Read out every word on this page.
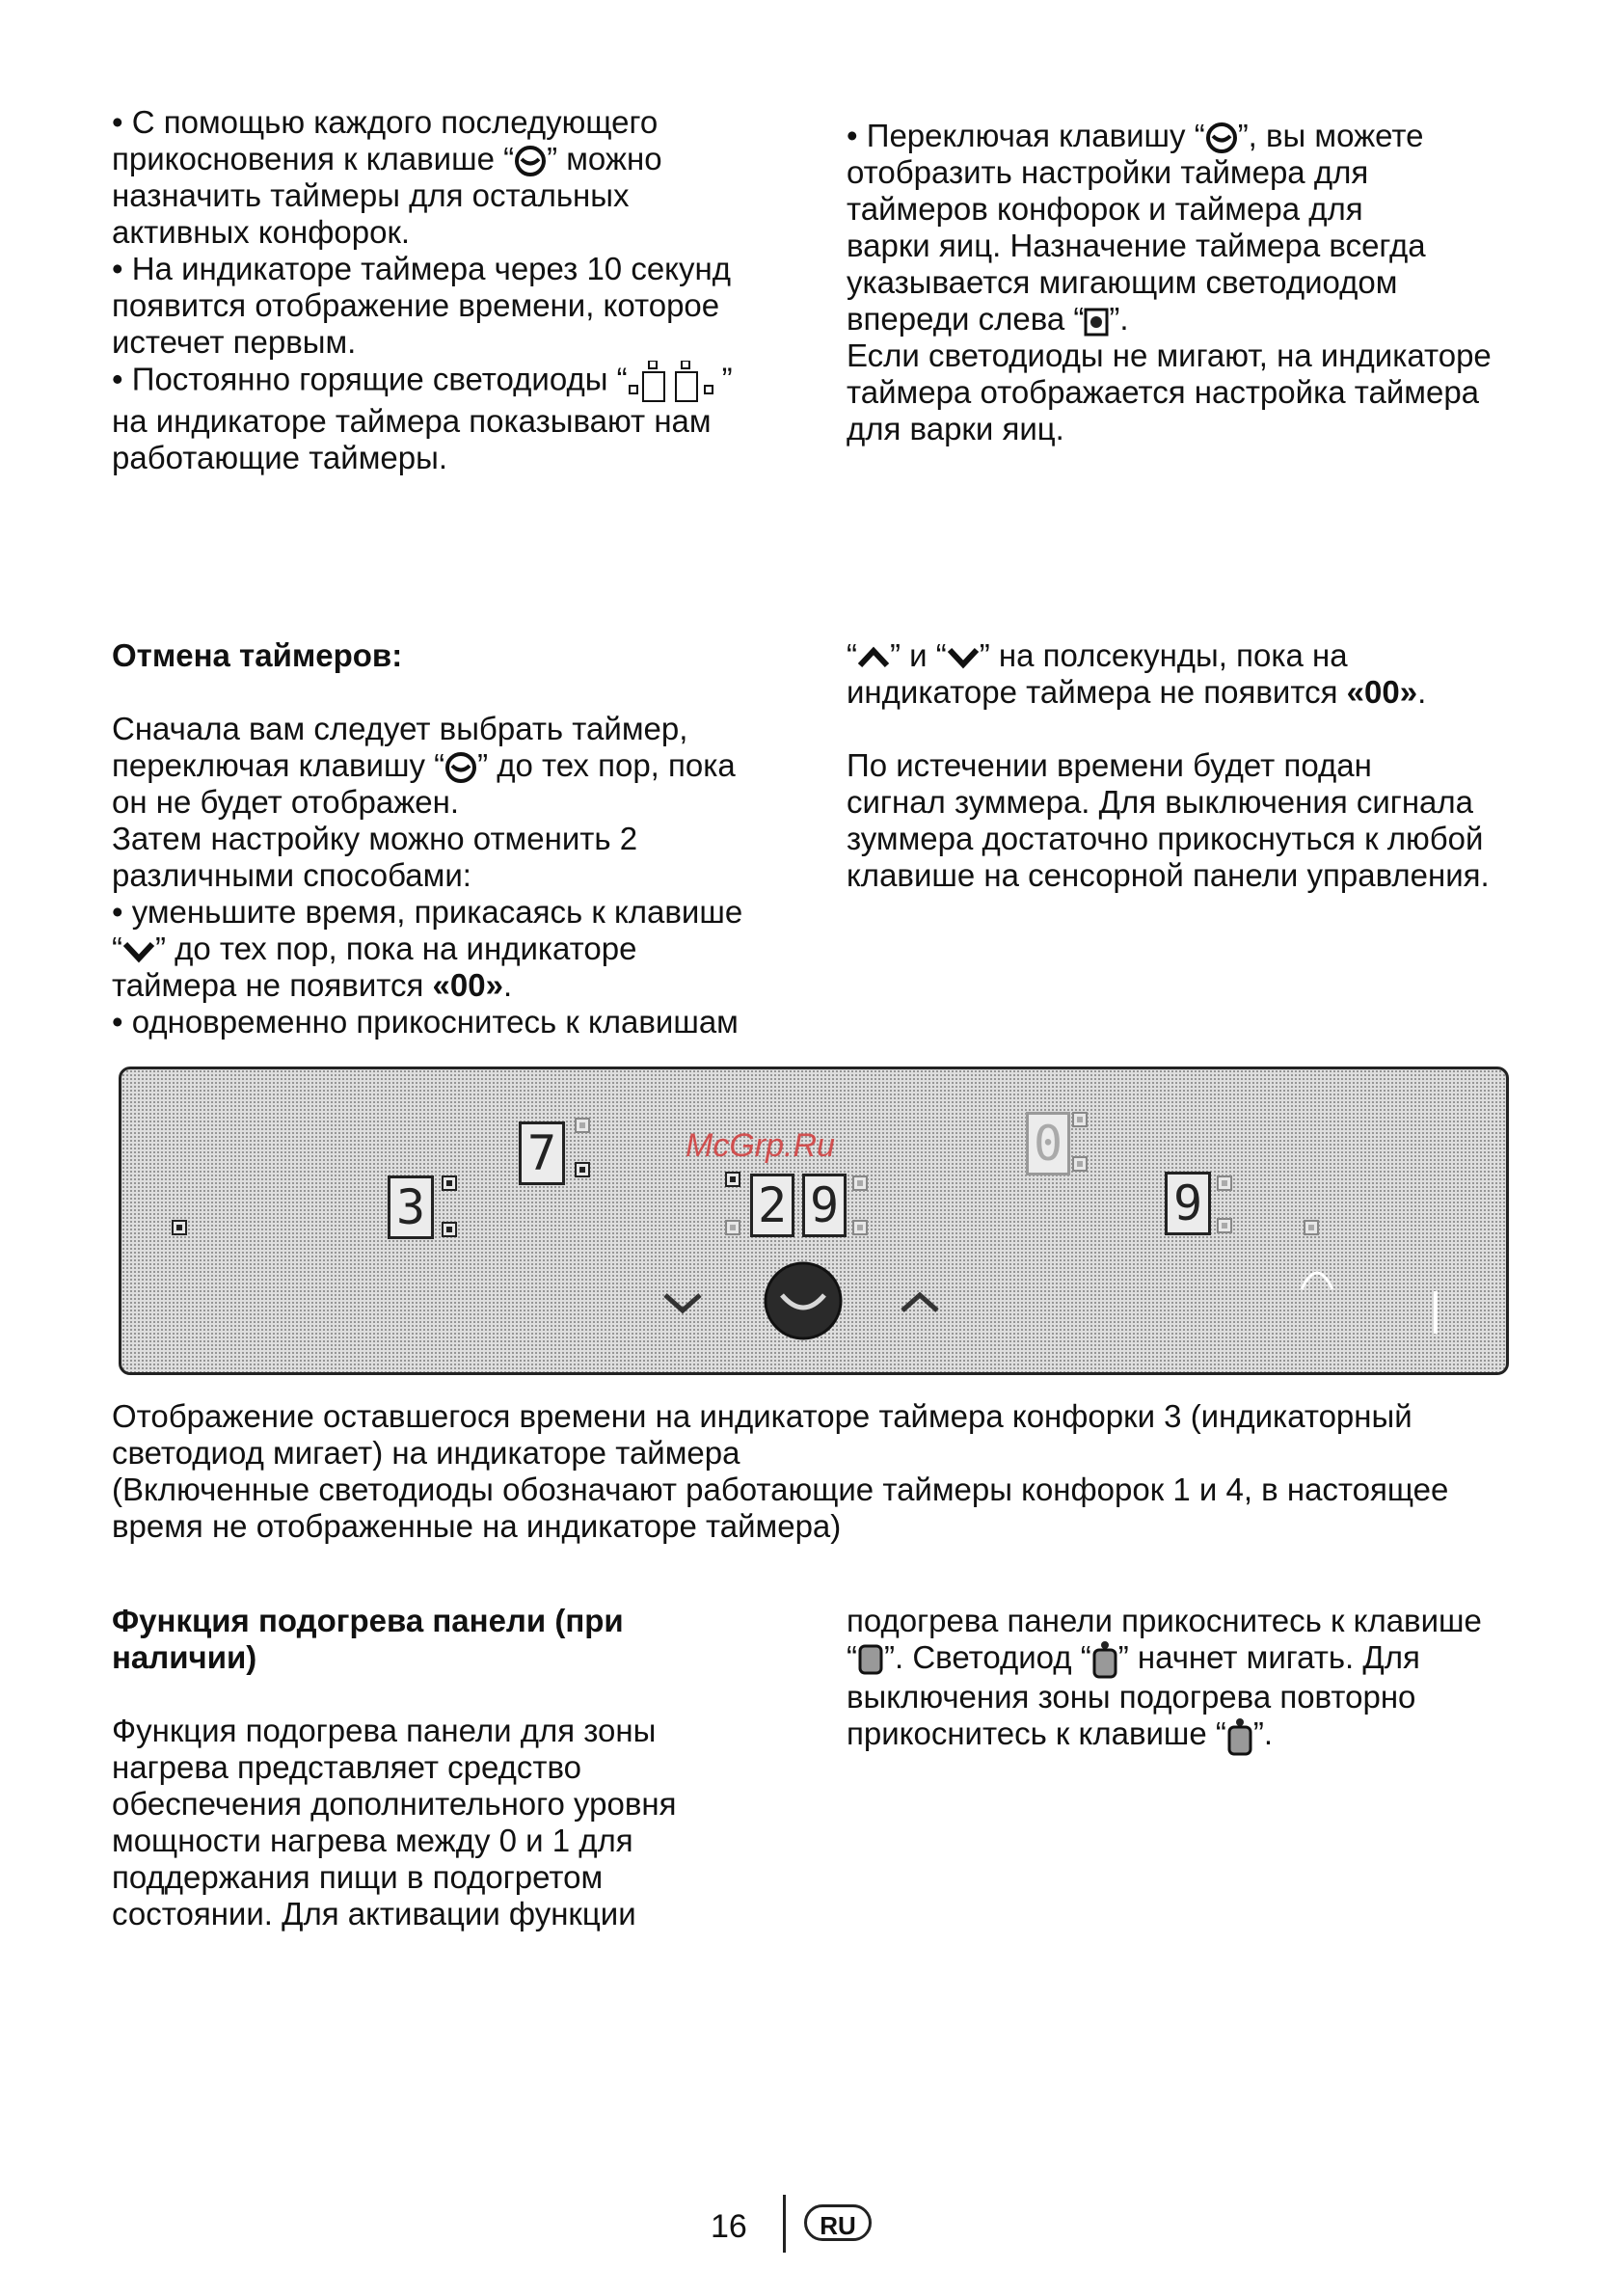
• С помощью каждого последующего
прикосновения к клавише “ ” можно
назначить таймеры для остальных
активных конфорок.

• На индикаторе таймера через 10 секунд
появится отображение времени, которое
истечет первым.

• Постоянно горящие светодиоды “	”
на индикаторе таймера показывают нам
работающие таймеры.

• Переключая клавишу “ ”, вы можете
отобразить настройки таймера для
таймеров конфорок и таймера для
варки яиц. Назначение таймера всегда
указывается мигающим светодиодом
впереди слева “ ”.

Если светодиоды не мигают, на индикаторе
таймера отображается настройка таймера
для варки яиц.

Отмена таймеров:

Сначала вам следует выбрать таймер,
переключая клавишу “ ” до тех пор, пока
он не будет отображен.

Затем настройку можно отменить 2
различными способами:

• уменьшите время, прикасаясь к клавише
“ ” до тех пор, пока на индикаторе
таймера не появится «00».

• одновременно прикоснитесь к клавишам

“ ” и “ ” на полсекунды, пока на
индикаторе таймера не появится «00».

По истечении времени будет подан
сигнал зуммера. Для выключения сигнала
зуммера достаточно прикоснуться к любой
клавише на сенсорной панели управления.

3
7
2 9
0
9
McGrp.Ru

Отображение оставшегося времени на индикаторе таймера конфорки 3 (индикаторный
светодиод мигает) на индикаторе таймера
(Включенные светодиоды обозначают работающие таймеры конфорок 1 и 4, в настоящее
время не отображенные на индикаторе таймера)

Функция подогрева панели (при
наличии)

Функция подогрева панели для зоны
нагрева представляет средство
обеспечения дополнительного уровня
мощности нагрева между 0 и 1 для
поддержания пищи в подогретом
состоянии. Для активации функции

подогрева панели прикоснитесь к клавише
“ ”. Светодиод “ ” начнет мигать. Для
выключения зоны подогрева повторно
прикоснитесь к клавише “ ”.

16	RU
